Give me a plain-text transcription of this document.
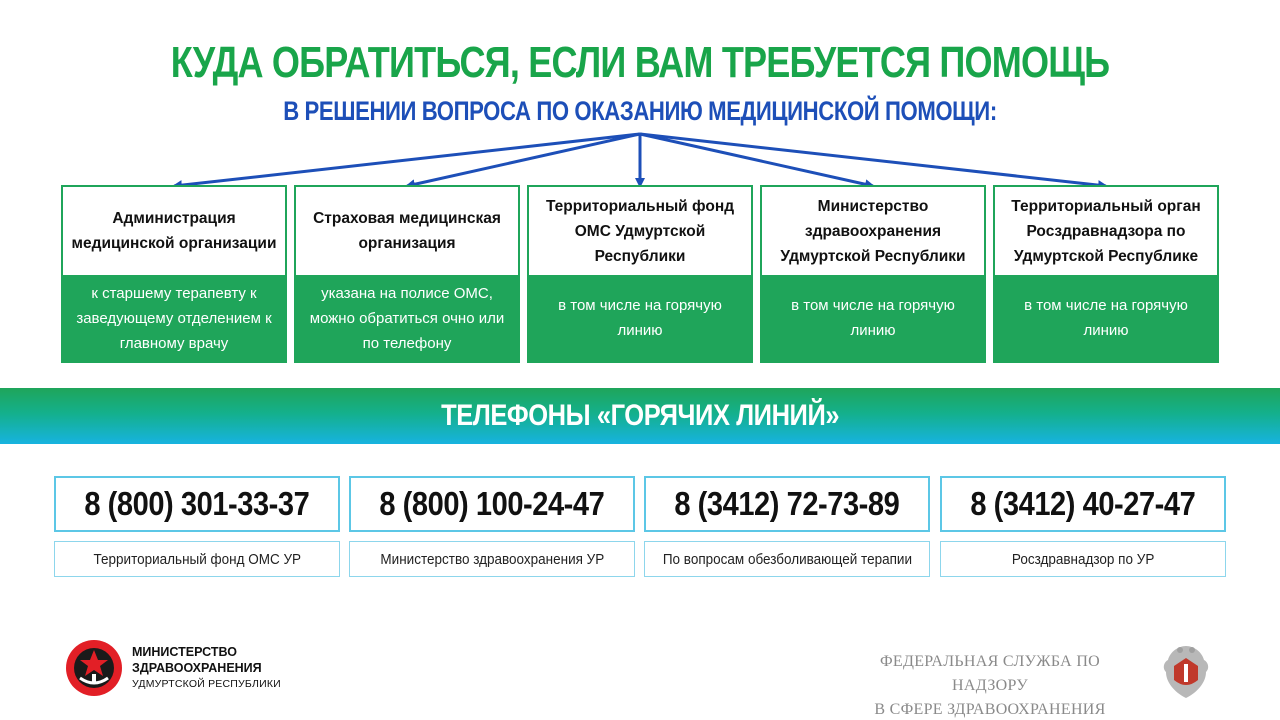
КУДА ОБРАТИТЬСЯ, ЕСЛИ ВАМ ТРЕБУЕТСЯ ПОМОЩЬ
В РЕШЕНИИ ВОПРОСА ПО ОКАЗАНИЮ МЕДИЦИНСКОЙ ПОМОЩИ:
Администрация медицинской организации
к старшему терапевту к заведующему отделением к главному врачу
Страховая медицинская организация
указана на полисе ОМС, можно обратиться очно или по телефону
Территориальный фонд ОМС Удмуртской Республики
в том числе на горячую линию
Министерство здравоохранения Удмуртской Республики
в том числе на горячую линию
Территориальный орган Росздравнадзора по Удмуртской Республике
в том числе на горячую линию
ТЕЛЕФОНЫ «ГОРЯЧИХ ЛИНИЙ»
8 (800) 301-33-37
Территориальный фонд ОМС УР
8 (800) 100-24-47
Министерство здравоохранения УР
8 (3412) 72-73-89
По вопросам обезболивающей терапии
8 (3412) 40-27-47
Росздравнадзор по УР
МИНИСТЕРСТВО
ЗДРАВООХРАНЕНИЯ
УДМУРТСКОЙ РЕСПУБЛИКИ
ФЕДЕРАЛЬНАЯ СЛУЖБА ПО НАДЗОРУ
В СФЕРЕ ЗДРАВООХРАНЕНИЯ
